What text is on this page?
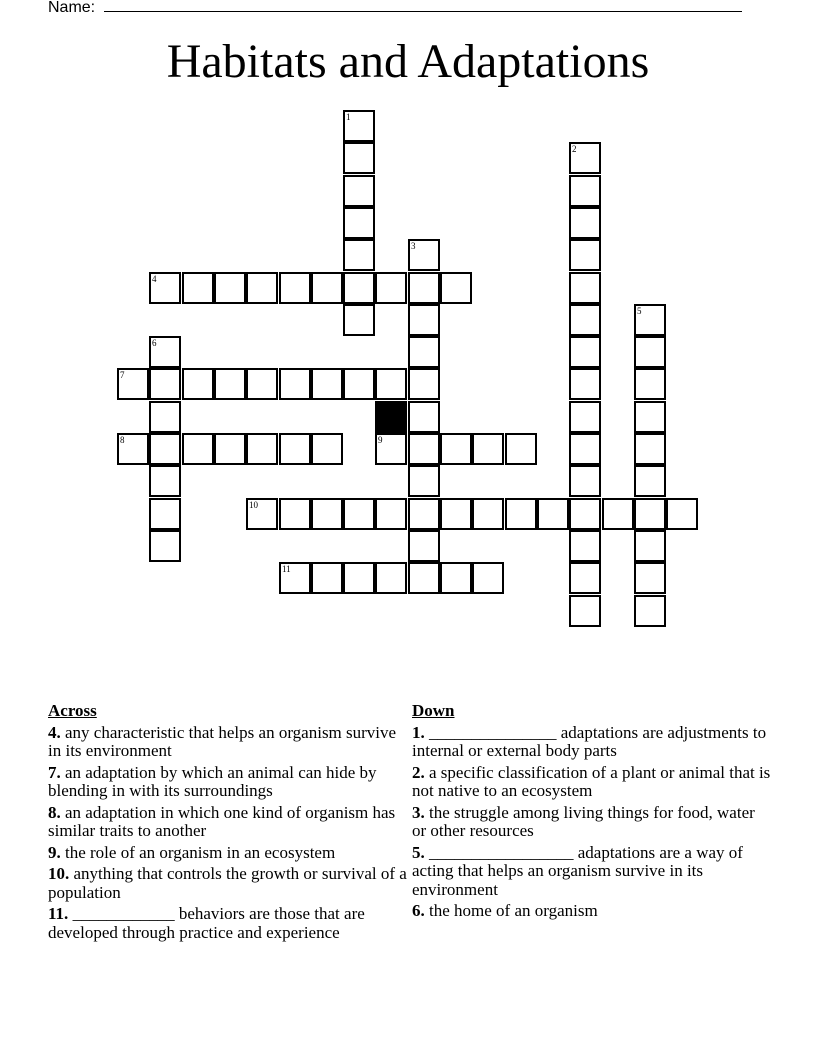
Name:
Habitats and Adaptations
1
2
3
4
5
6
7
8	9
10
11
Across
4. any characteristic that helps an organism survive in its environment
7. an adaptation by which an animal can hide by blending in with its surroundings
8. an adaptation in which one kind of organism has similar traits to another
9. the role of an organism in an ecosystem
10. anything that controls the growth or survival of a population
11. ____________ behaviors are those that are developed through practice and experience
Down
1. _______________ adaptations are adjustments to internal or external body parts
2. a specific classification of a plant or animal that is not native to an ecosystem
3. the struggle among living things for food, water or other resources
5. _________________ adaptations are a way of acting that helps an organism survive in its environment
6. the home of an organism
